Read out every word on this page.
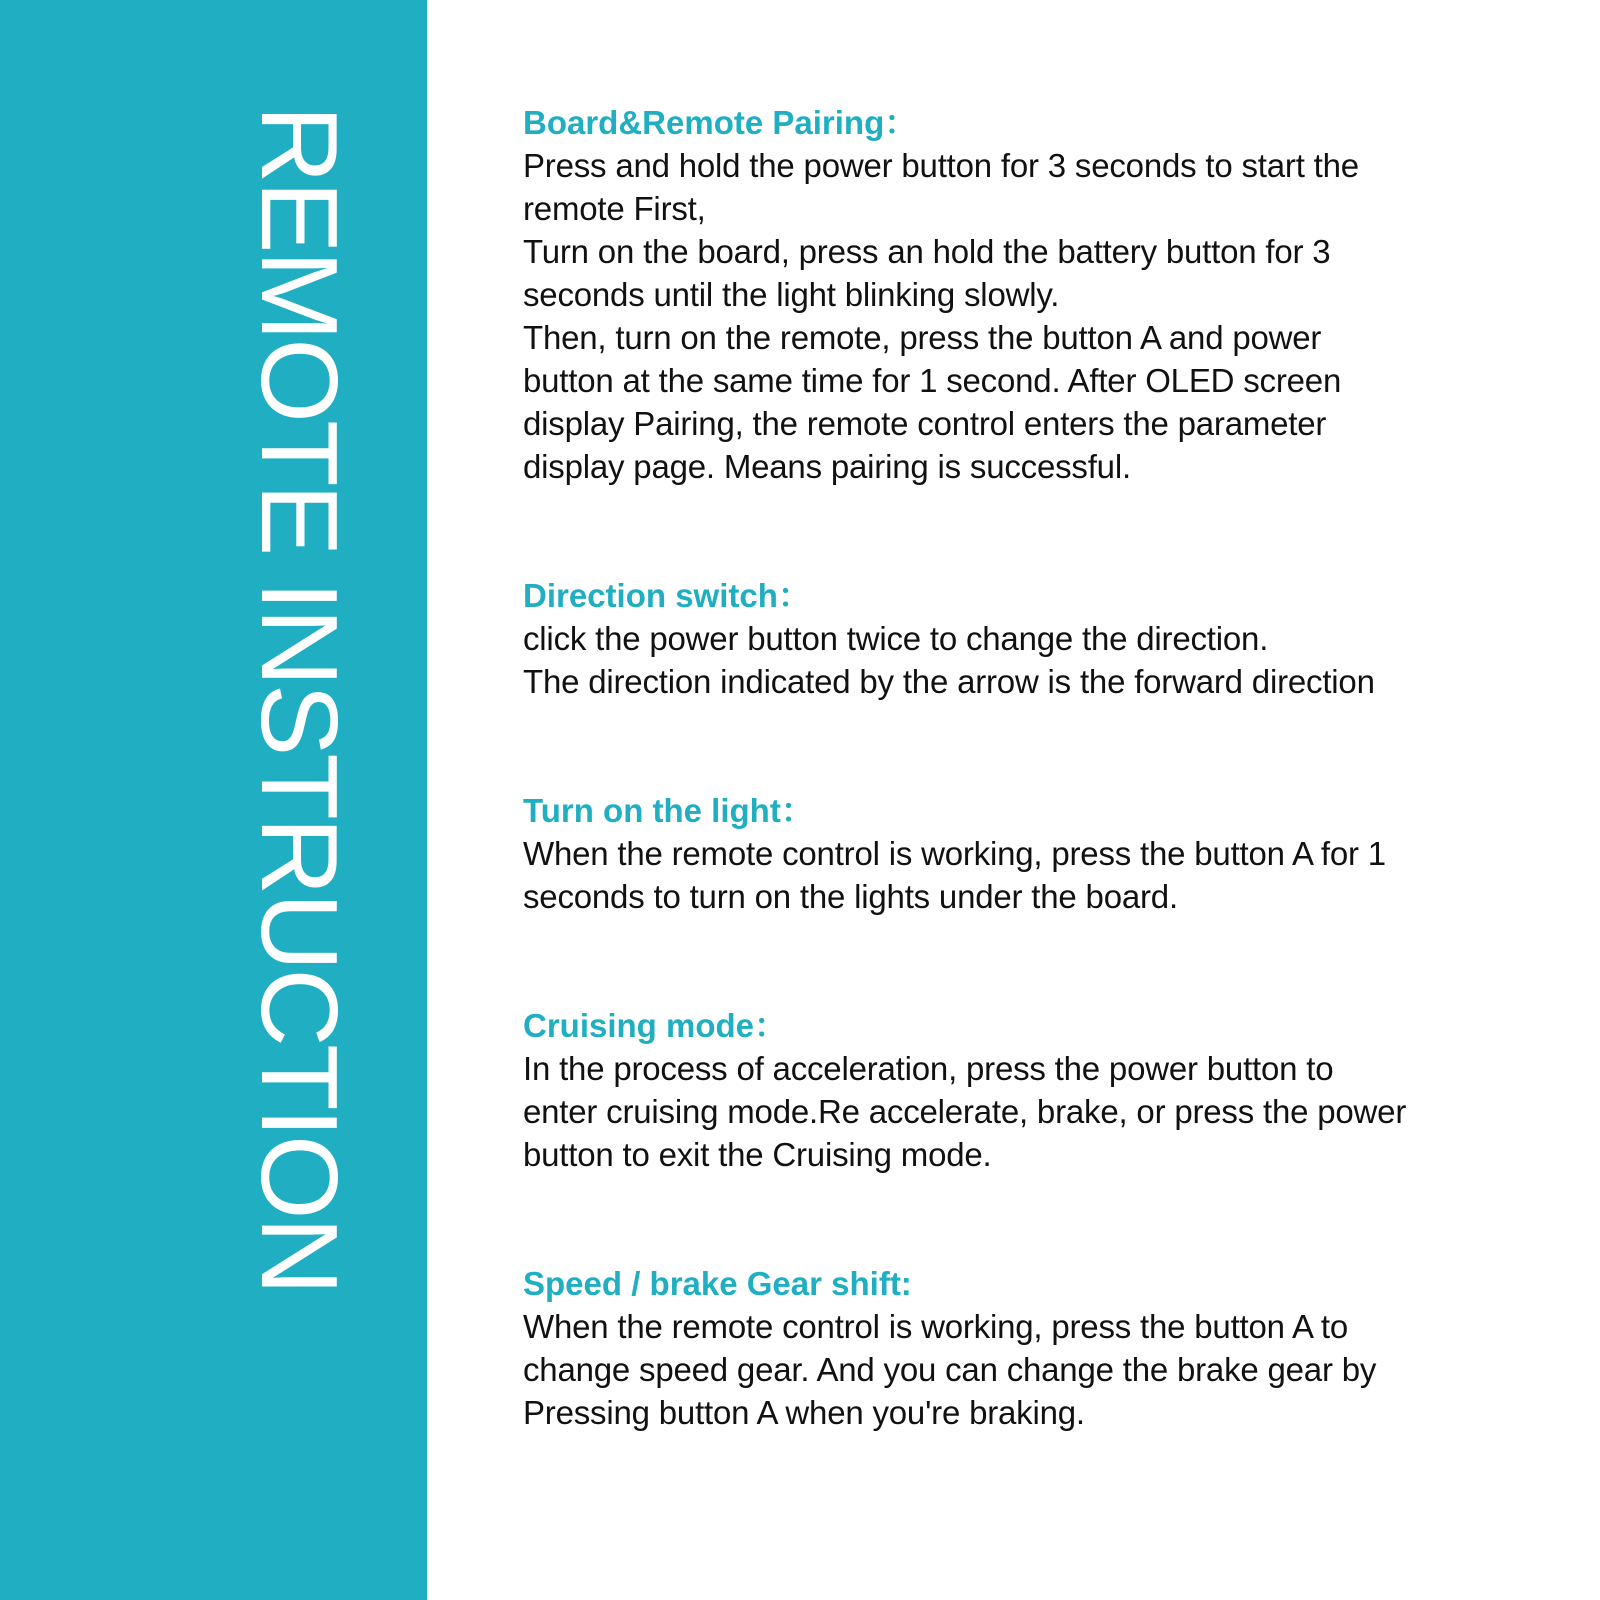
REMOTE INSTRUCTION	Board&Remote Pairing：
Press and hold the power button for 3 seconds to start the
remote First,
Turn on the board, press an hold the battery button for 3
seconds until the light blinking slowly.
Then, turn on the remote, press the button A and power
button at the same time for 1 second. After OLED screen
display Pairing, the remote control enters the parameter
display page. Means pairing is successful.
Direction switch：
click the power button twice to change the direction.
The direction indicated by the arrow is the forward direction
Turn on the light：
When the remote control is working, press the button A for 1
seconds to turn on the lights under the board.
Cruising mode：
In the process of acceleration, press the power button to
enter cruising mode.Re accelerate, brake, or press the power
button to exit the Cruising mode.
Speed / brake Gear shift:
When the remote control is working, press the button A to
change speed gear. And you can change the brake gear by
Pressing button A when you're braking.
